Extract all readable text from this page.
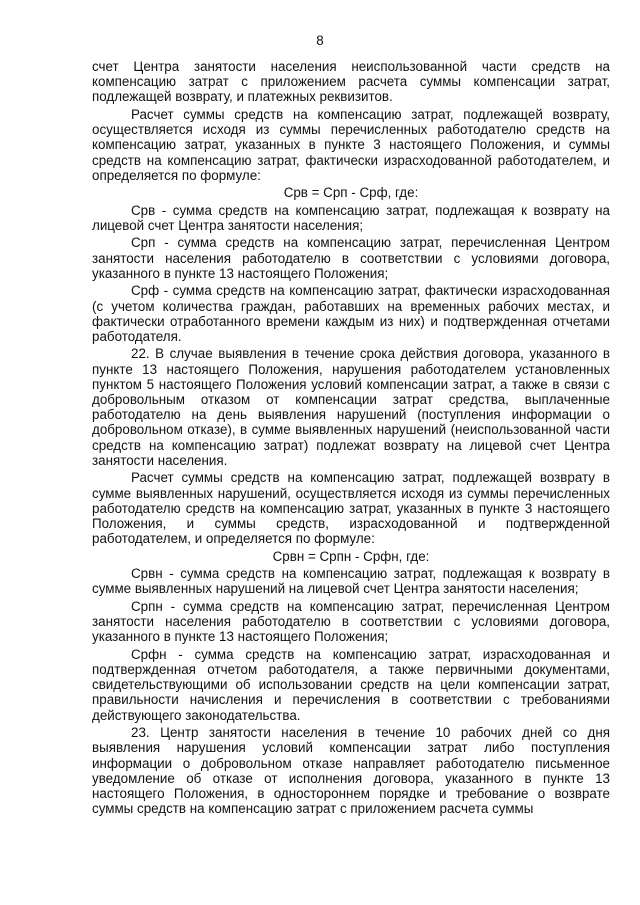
8

счет Центра занятости населения неиспользованной части средств на компенсацию затрат с приложением расчета суммы компенсации затрат, подлежащей возврату, и платежных реквизитов.

Расчет суммы средств на компенсацию затрат, подлежащей возврату, осуществляется исходя из суммы перечисленных работодателю средств на компенсацию затрат, указанных в пункте 3 настоящего Положения, и суммы средств на компенсацию затрат, фактически израсходованной работодателем, и определяется по формуле:

Срв = Срп - Срф, где:

Срв - сумма средств на компенсацию затрат, подлежащая к возврату на лицевой счет Центра занятости населения;

Срп - сумма средств на компенсацию затрат, перечисленная Центром занятости населения работодателю в соответствии с условиями договора, указанного в пункте 13 настоящего Положения;

Срф - сумма средств на компенсацию затрат, фактически израсходованная (с учетом количества граждан, работавших на временных рабочих местах, и фактически отработанного времени каждым из них) и подтвержденная отчетами работодателя.

22. В случае выявления в течение срока действия договора, указанного в пункте 13 настоящего Положения, нарушения работодателем установленных пунктом 5 настоящего Положения условий компенсации затрат, а также в связи с добровольным отказом от компенсации затрат средства, выплаченные работодателю на день выявления нарушений (поступления информации о добровольном отказе), в сумме выявленных нарушений (неиспользованной части средств на компенсацию затрат) подлежат возврату на лицевой счет Центра занятости населения.

Расчет суммы средств на компенсацию затрат, подлежащей возврату в сумме выявленных нарушений, осуществляется исходя из суммы перечисленных работодателю средств на компенсацию затрат, указанных в пункте 3 настоящего Положения, и суммы средств, израсходованной и подтвержденной работодателем, и определяется по формуле:

Срвн = Српн - Срфн, где:

Срвн - сумма средств на компенсацию затрат, подлежащая к возврату в сумме выявленных нарушений на лицевой счет Центра занятости населения;

Српн - сумма средств на компенсацию затрат, перечисленная Центром занятости населения работодателю в соответствии с условиями договора, указанного в пункте 13 настоящего Положения;

Срфн - сумма средств на компенсацию затрат, израсходованная и подтвержденная отчетом работодателя, а также первичными документами, свидетельствующими об использовании средств на цели компенсации затрат, правильности начисления и перечисления в соответствии с требованиями действующего законодательства.

23. Центр занятости населения в течение 10 рабочих дней со дня выявления нарушения условий компенсации затрат либо поступления информации о добровольном отказе направляет работодателю письменное уведомление об отказе от исполнения договора, указанного в пункте 13 настоящего Положения, в одностороннем порядке и требование о возврате суммы средств на компенсацию затрат с приложением расчета суммы
